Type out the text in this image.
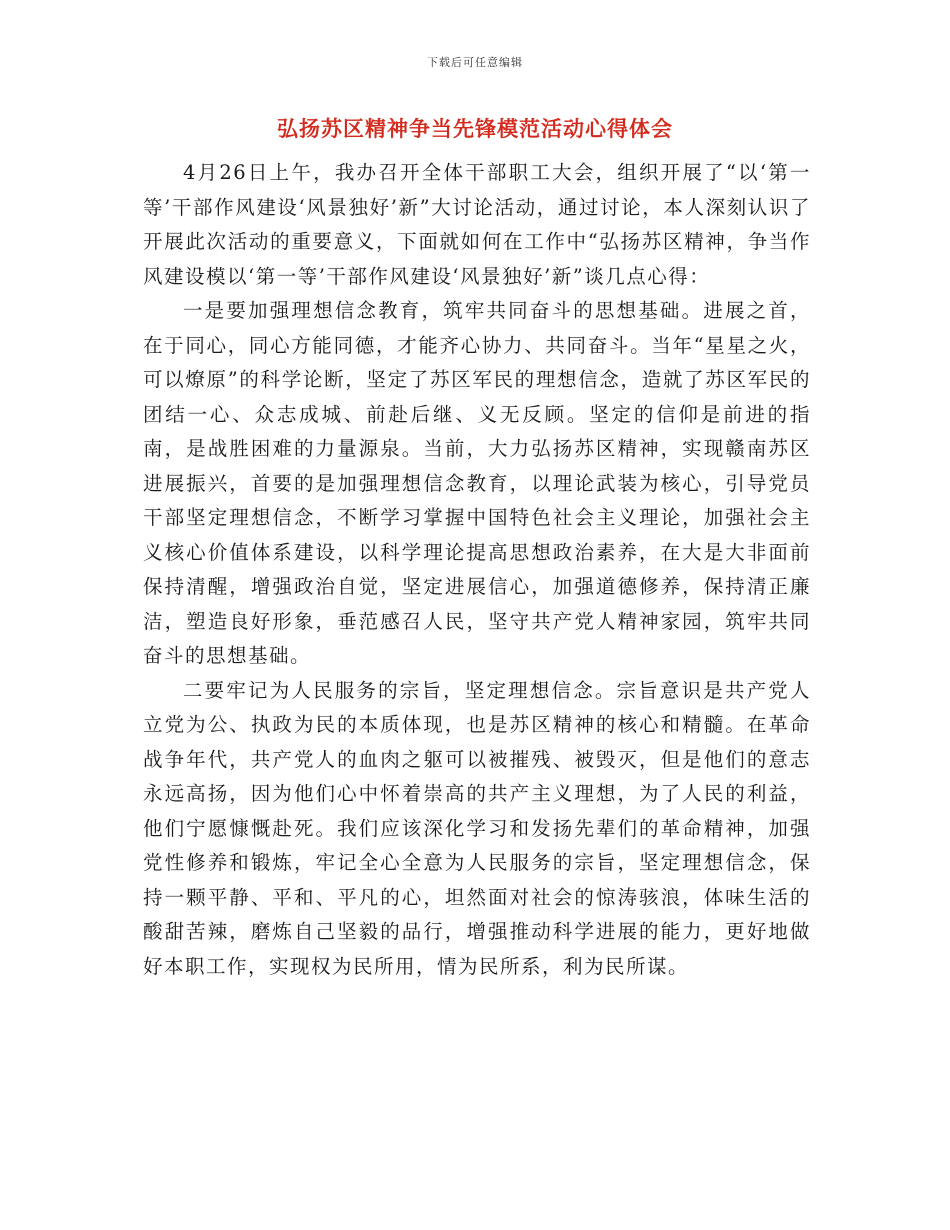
下载后可任意编辑
弘扬苏区精神争当先锋模范活动心得体会

4月26日上午，我办召开全体干部职工大会，组织开展了“以‘第一等’干部作风建设‘风景独好’新”大讨论活动，通过讨论，本人深刻认识了开展此次活动的重要意义，下面就如何在工作中“弘扬苏区精神，争当作风建设模以‘第一等’干部作风建设‘风景独好’新”谈几点心得：

一是要加强理想信念教育，筑牢共同奋斗的思想基础。进展之首，在于同心，同心方能同德，才能齐心协力、共同奋斗。当年“星星之火，可以燎原”的科学论断，坚定了苏区军民的理想信念，造就了苏区军民的团结一心、众志成城、前赴后继、义无反顾。坚定的信仰是前进的指南，是战胜困难的力量源泉。当前，大力弘扬苏区精神，实现赣南苏区进展振兴，首要的是加强理想信念教育，以理论武装为核心，引导党员干部坚定理想信念，不断学习掌握中国特色社会主义理论，加强社会主义核心价值体系建设，以科学理论提高思想政治素养，在大是大非面前保持清醒，增强政治自觉，坚定进展信心，加强道德修养，保持清正廉洁，塑造良好形象，垂范感召人民，坚守共产党人精神家园，筑牢共同奋斗的思想基础。

二要牢记为人民服务的宗旨，坚定理想信念。宗旨意识是共产党人立党为公、执政为民的本质体现，也是苏区精神的核心和精髓。在革命战争年代，共产党人的血肉之躯可以被摧残、被毁灭，但是他们的意志永远高扬，因为他们心中怀着崇高的共产主义理想，为了人民的利益，他们宁愿慷慨赴死。我们应该深化学习和发扬先辈们的革命精神，加强党性修养和锻炼，牢记全心全意为人民服务的宗旨，坚定理想信念，保持一颗平静、平和、平凡的心，坦然面对社会的惊涛骇浪，体味生活的酸甜苦辣，磨炼自己坚毅的品行，增强推动科学进展的能力，更好地做好本职工作，实现权为民所用，情为民所系，利为民所谋。
